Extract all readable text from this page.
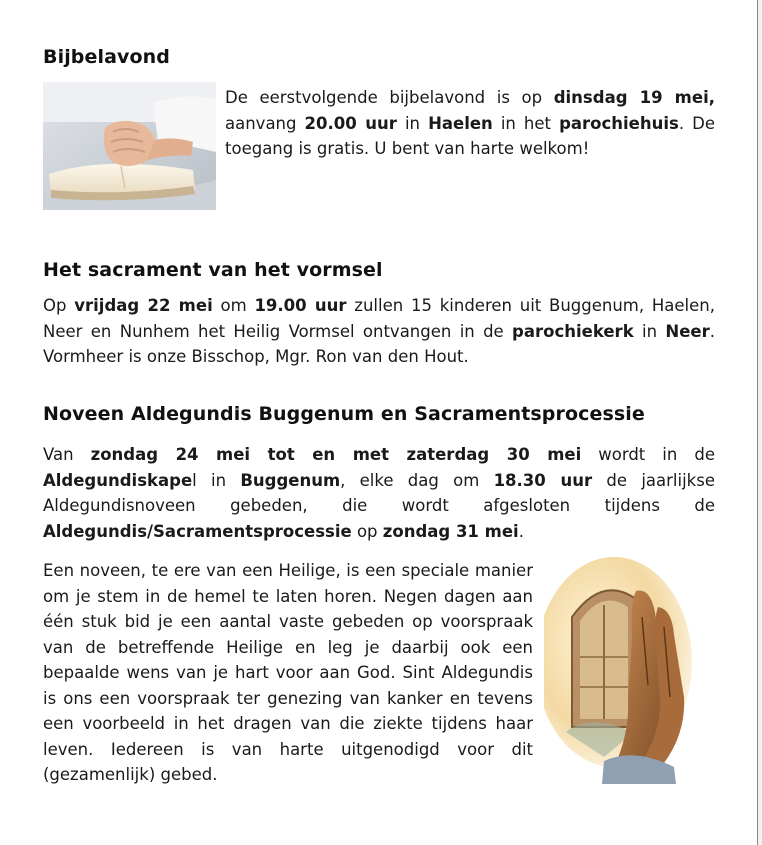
Bijbelavond

De eerstvolgende bijbelavond is op dinsdag 19 mei, aanvang 20.00 uur in Haelen in het parochiehuis. De toegang is gratis. U bent van harte welkom!

Het sacrament van het vormsel

Op vrijdag 22 mei om 19.00 uur zullen 15 kinderen uit Buggenum, Haelen, Neer en Nunhem het Heilig Vormsel ontvangen in de parochiekerk in Neer. Vormheer is onze Bisschop, Mgr. Ron van den Hout.

Noveen Aldegundis Buggenum en Sacramentsprocessie

Van zondag 24 mei tot en met zaterdag 30 mei wordt in de Aldegundiskapel in Buggenum, elke dag om 18.30 uur de jaarlijkse Aldegundisnoveen gebeden, die wordt afgesloten tijdens de Aldegundis/Sacramentsprocessie op zondag 31 mei.

Een noveen, te ere van een Heilige, is een speciale manier om je stem in de hemel te laten horen. Negen dagen aan één stuk bid je een aantal vaste gebeden op voorspraak van de betreffende Heilige en leg je daarbij ook een bepaalde wens van je hart voor aan God. Sint Aldegundis is ons een voorspraak ter genezing van kanker en tevens een voorbeeld in het dragen van die ziekte tijdens haar leven. Iedereen is van harte uitgenodigd voor dit (gezamenlijk) gebed.
